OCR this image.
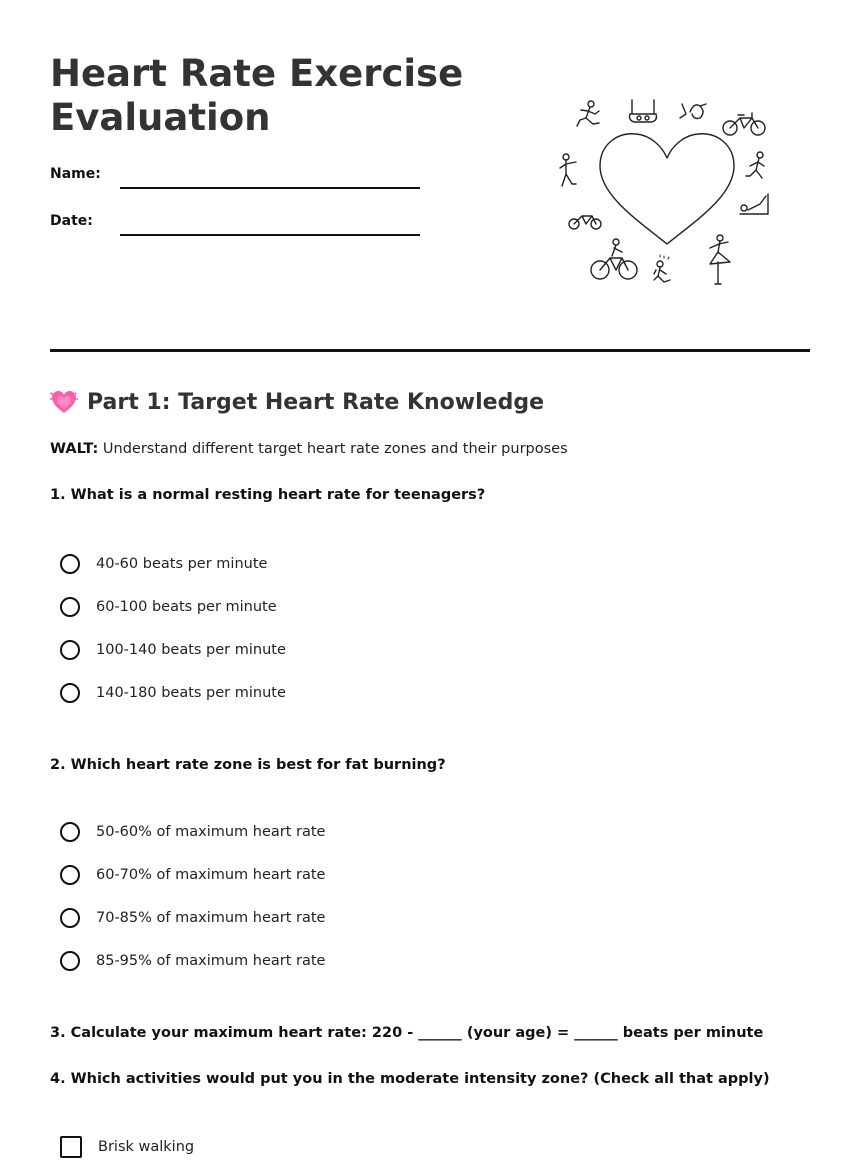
Heart Rate Exercise Evaluation
Name:
Date:
Part 1: Target Heart Rate Knowledge
WALT: Understand different target heart rate zones and their purposes
1. What is a normal resting heart rate for teenagers?
40-60 beats per minute
60-100 beats per minute
100-140 beats per minute
140-180 beats per minute
2. Which heart rate zone is best for fat burning?
50-60% of maximum heart rate
60-70% of maximum heart rate
70-85% of maximum heart rate
85-95% of maximum heart rate
3. Calculate your maximum heart rate: 220 - ______ (your age) = ______ beats per minute
4. Which activities would put you in the moderate intensity zone? (Check all that apply)
Brisk walking
